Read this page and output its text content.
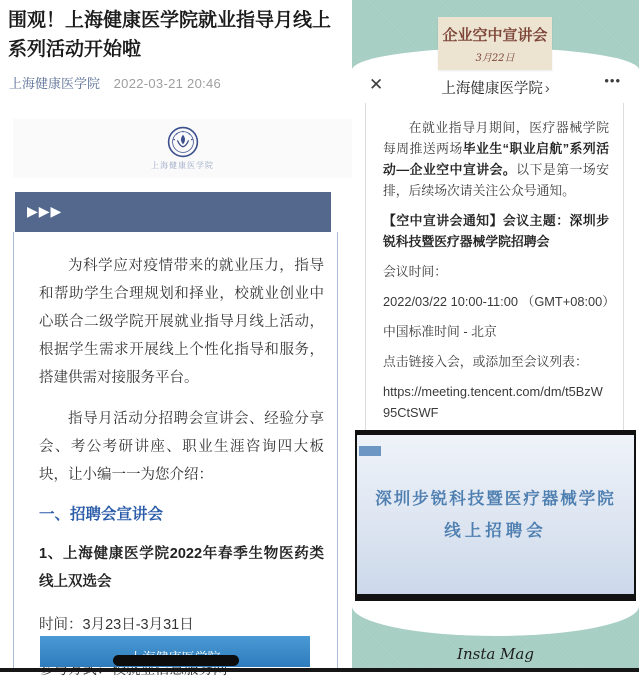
围观！上海健康医学院就业指导月线上系列活动开始啦
上海健康医学院 2022-03-21 20:46
上海健康医学院
▶▶▶

为科学应对疫情带来的就业压力，指导和帮助学生合理规划和择业，校就业创业中心联合二级学院开展就业指导月线上活动，根据学生需求开展线上个性化指导和服务，搭建供需对接服务平台。

指导月活动分招聘会宣讲会、经验分享会、考公考研讲座、职业生涯咨询四大板块，让小编一一为您介绍：

一、招聘会宣讲会

1、上海健康医学院2022年春季生物医药类线上双选会

时间：3月23日-3月31日

企业空中宣讲会
3月22日
✕	上海健康医学院 ›
•••

在就业指导月期间，医疗器械学院每周推送两场毕业生“职业启航”系列活动—企业空中宣讲会。以下是第一场安排，后续场次请关注公众号通知。

【空中宣讲会通知】会议主题：深圳步锐科技暨医疗器械学院招聘会

会议时间：

2022/03/22 10:00-11:00 （GMT+08:00）

中国标准时间 - 北京

点击链接入会，或添加至会议列表：

https://meeting.tencent.com/dm/t5BzW95CtSWF

深圳步锐科技暨医疗器械学院
线上招聘会
Insta Mag
